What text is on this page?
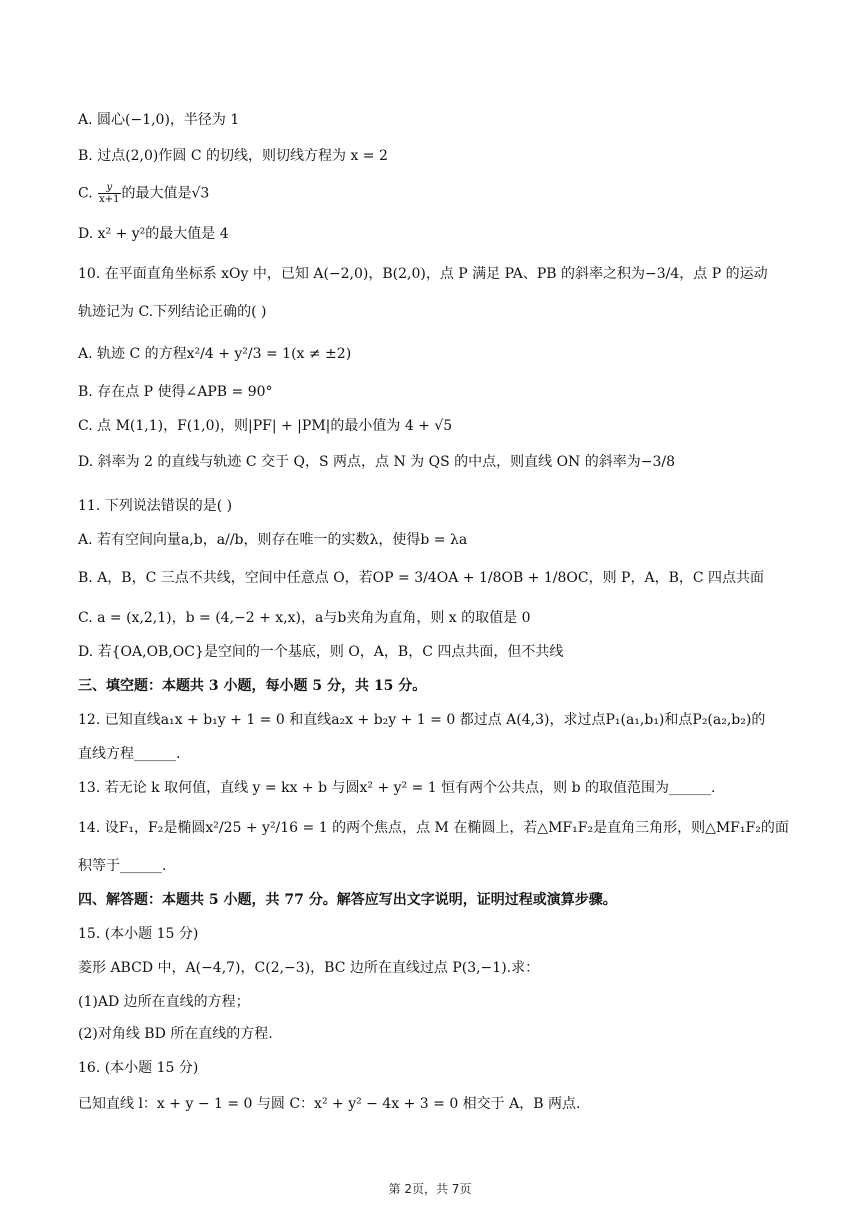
A. 圆心(−1,0)，半径为 1
B. 过点(2,0)作圆 C 的切线，则切线方程为 x = 2
C. $\frac{y}{x+1}$ 的最大值是√3
D. x² + y²的最大值是 4
10. 在平面直角坐标系 xOy 中，已知 A(−2,0)，B(2,0)，点 P 满足 PA、PB 的斜率之积为−3/4，点 P 的运动
轨迹记为 C.下列结论正确的( )
A. 轨迹 C 的方程x²/4 + y²/3 = 1(x ≠ ±2)
B. 存在点 P 使得∠APB = 90°
C. 点 M(1,1)，F(1,0)，则|PF| + |PM|的最小值为 4 + √5
D. 斜率为 2 的直线与轨迹 C 交于 Q，S 两点，点 N 为 QS 的中点，则直线 ON 的斜率为−3/8
11. 下列说法错误的是( )
A. 若有空间向量a,b，a//b，则存在唯一的实数λ，使得b = λa
B. A，B，C 三点不共线，空间中任意点 O，若OP = 3/4OA + 1/8OB + 1/8OC，则 P，A，B，C 四点共面
C. a = (x,2,1)，b = (4,−2 + x,x)，a与b夹角为直角，则 x 的取值是 0
D. 若{OA,OB,OC}是空间的一个基底，则 O，A，B，C 四点共面，但不共线
三、填空题：本题共 3 小题，每小题 5 分，共 15 分。
12. 已知直线a₁x + b₁y + 1 = 0 和直线a₂x + b₂y + 1 = 0 都过点 A(4,3)，求过点P₁(a₁,b₁)和点P₂(a₂,b₂)的
直线方程______.
13. 若无论 k 取何值，直线 y = kx + b 与圆x² + y² = 1 恒有两个公共点，则 b 的取值范围为______.
14. 设F₁，F₂是椭圆x²/25 + y²/16 = 1 的两个焦点，点 M 在椭圆上，若△MF₁F₂是直角三角形，则△MF₁F₂的面
积等于______.
四、解答题：本题共 5 小题，共 77 分。解答应写出文字说明，证明过程或演算步骤。
15. (本小题 15 分)
菱形 ABCD 中，A(−4,7)，C(2,−3)，BC 边所在直线过点 P(3,−1).求：
(1)AD 边所在直线的方程；
(2)对角线 BD 所在直线的方程.
16. (本小题 15 分)
已知直线 l：x + y − 1 = 0 与圆 C：x² + y² − 4x + 3 = 0 相交于 A，B 两点.
第 2页，共 7页
